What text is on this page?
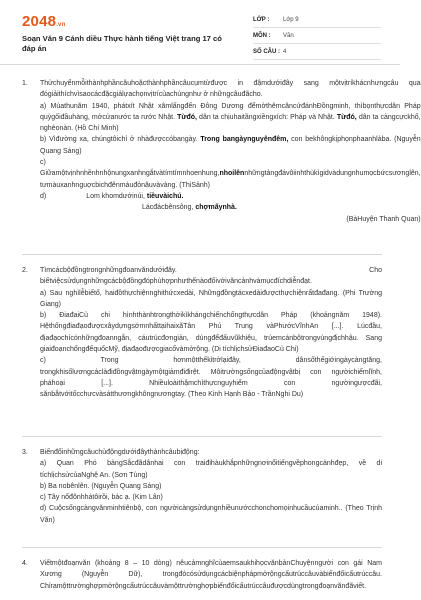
2048.vn
Soạn Văn 9 Cánh diều Thực hành tiếng Việt trang 17 có đáp án
LỚP :	Lớp 9
MÔN :	Văn
SỐ CÂU : 4
1.	Thửchuyểnmỗithànhphầncâuhoặcthànhphầncâucụmtừđược in đậmdướiđây sang mộtvịtríkhácnhưngcâu qua đógiảithíchvìsaocácđặcgiảlựachọnvịtrícủachúngnhư ở nhữngcâuđãcho.

a) Mùathunăm 1940, phátxít Nhật xâmlấngđến Đông Dương đểmởthêmcăncứđánhĐồngminh, thìbọnthựcdân Pháp quỳgốiđầuhàng, mởcửanước ta rước Nhật. Từđó, dân ta chịuhaitầngxiềngxích: Pháp và Nhật. Từđó, dân ta càngcựckhổ, nghèonàn. (Hồ Chí Minh)

b) Vìđường xa, chúngtôichỉ ở nhàđượccóbangày. Trong bangàynguyênđêm, con bekhôngkịphọnphaanhlàba. (Nguyễn Quang Sáng)

c)

Giữamộtvịnhnhềnhnhộnungxanhngắtvàtímtímnhoenhung,nhoilênnhữngtảngđávôiinhthùkìgidvàdungnhumọcbứcsươnglên, tưmàuxanhnguợcbichđênmàuđỏnâuvàvàng. (ThiSảnh)

d)	Lom khomdướinúi, tiềuvàichú.

Lácđácbênsông, chợmấynhà.

(BàHuyện Thanh Quan)

2.	Tìmcácbộđồngtrongnhữngđoanvăndướiđây. Cho biếtviệcsửdụngnhữngcácbộđồngđóphùhợpnhưthếnàođốivớivăncảnhvàmụcđíchdiễnđạt.

a) Sau nghìlễbiếtố, haiđồthựchiệnnghithứcxedài, Nhữngđồngtácxedàiđượcthựchiệnrấtđađang. (Phi Trường Giang)

b) ĐiađaiCủ chi hìnhthànhtrongthờikìkhángchiếnchốngthựcdân Pháp (khoảngnăm 1948). HệthốngđiađạođượcxâydựngsớmnhấttạihaixãTân Phú Trung vàPhướcVĩnhAn [...]. Lúcđầu, địađạochícónhữngđoanngắn, cáutrúcđơngiản, dùngđểđấuvũkhiệu, trúemcánbộtrongvùngđịchhậu. Sang giaiđoạnchốngđếquốcMỹ, địađạođượcgiacốvàmởrộng. (Di tíchlịchsửĐiađaoCủ Chi)

c) Trong hơnmộtthếkỉtrởlạiđây, dânsốthếgiớingàycàngtăng, trongkhisốlươngcáclàđiđồngvậtngàymộtgiảmđiđirệt. Môitrườngsốngcủađộngvậtbị con ngườichiếmlĩnh, pháhoại [...]. Nhiềuloàithậmchíthựcnguyhiểm con ngườingượcđãi, sănbắtvớitốcchưcvàsátthươngkhôngnươngtay. (Theo Kinh Hạnh Bảo - TrầnNghi Du)

3.	Biếnđổinhữngcâuchủđộngdướiđâythànhcâubịđộng:

a) Quan Phó bảngSắcđãdânhai con traiđihàukhắpnhữngnơinổitiếngvềphongcảnhđẹp, về di tíchlịchsửcủaNghệ An. (Sơn Tùng)

b) Ba nobênlên. (Nguyễn Quang Sáng)

c) Tây nổđônhhátôirồi, bác ạ. (Kim Lân)

d) Cuộcsốngcàngvănminhtiênbộ, con ngườicàngsửdụngnhiềunướcchonchomọinhucầucủaminh.. (Theo Trịnh Văn)

4.	Viếtmộtđoạnvăn (khoảng 8 – 10 dòng) nêucảmnghĩcủaemsaukhihọcvănbảnChuyệnngười con gái Nam Xương (Nguyễn Dữ), trongđócósửdụngcácbiệnphápmởrộngcấutrúccâuvàbiếnđổicấutrúccâu. Chỉramộttrườnghợpmởrộngcấutrúccâuvàmộttrườnghợpbiếnđổicấutrúccâuđượcdùngtrongđoạnvănđãviết.
